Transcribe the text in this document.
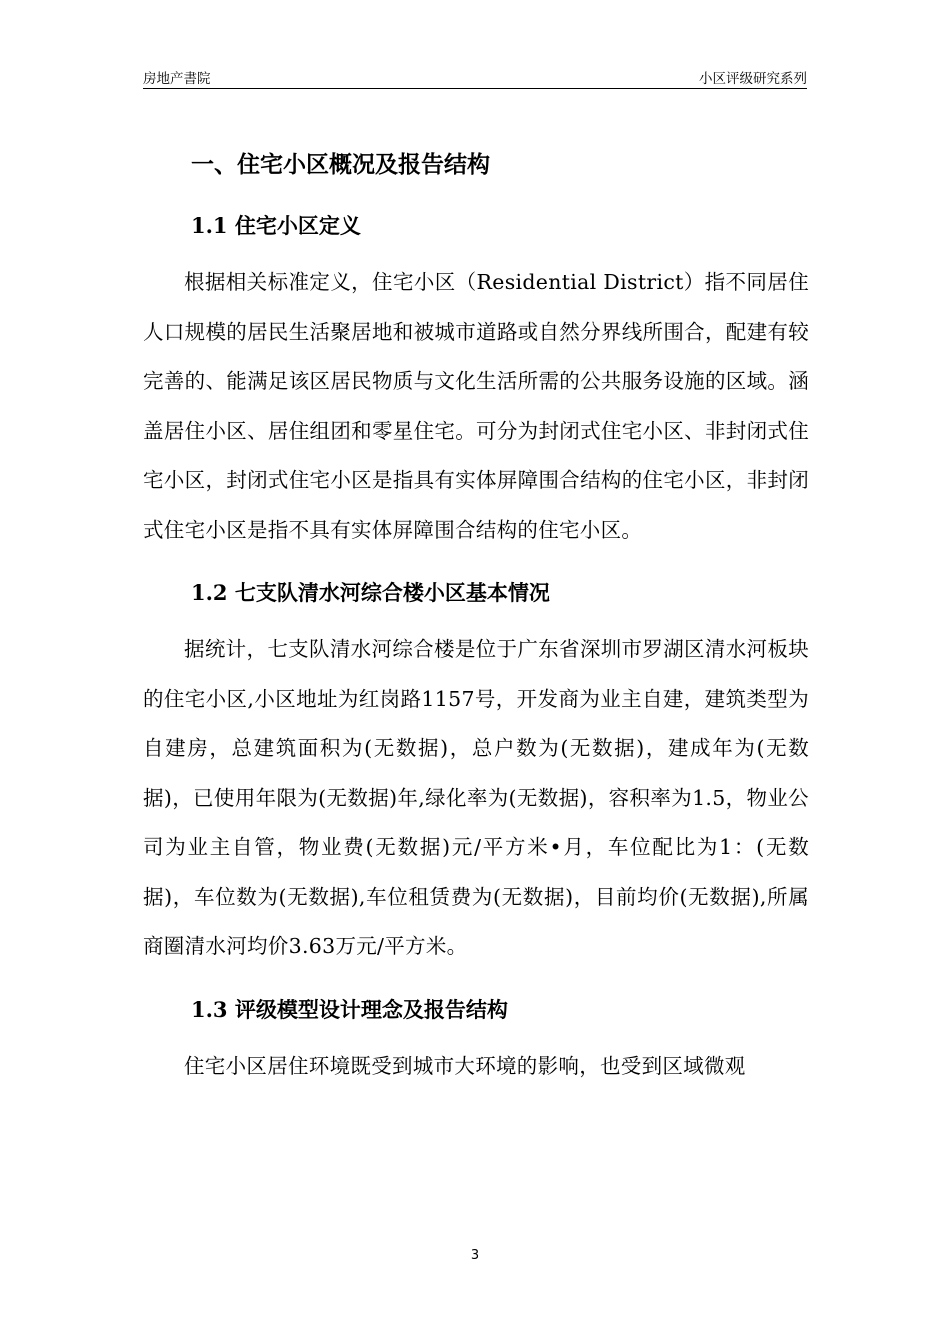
房地产書院	小区评级研究系列
一、住宅小区概况及报告结构
1.1 住宅小区定义

根据相关标准定义，住宅小区（Residential District）指不同居住人口规模的居民生活聚居地和被城市道路或自然分界线所围合，配建有较完善的、能满足该区居民物质与文化生活所需的公共服务设施的区域。涵盖居住小区、居住组团和零星住宅。可分为封闭式住宅小区、非封闭式住宅小区，封闭式住宅小区是指具有实体屏障围合结构的住宅小区，非封闭式住宅小区是指不具有实体屏障围合结构的住宅小区。

1.2 七支队清水河综合楼小区基本情况

据统计，七支队清水河综合楼是位于广东省深圳市罗湖区清水河板块的住宅小区,小区地址为红岗路1157号，开发商为业主自建，建筑类型为自建房，总建筑面积为(无数据)，总户数为(无数据)，建成年为(无数据)，已使用年限为(无数据)年,绿化率为(无数据)，容积率为1.5，物业公司为业主自管，物业费(无数据)元/平方米•月，车位配比为1：(无数据)，车位数为(无数据),车位租赁费为(无数据)，目前均价(无数据),所属商圈清水河均价3.63万元/平方米。

1.3 评级模型设计理念及报告结构

住宅小区居住环境既受到城市大环境的影响，也受到区域微观

3
